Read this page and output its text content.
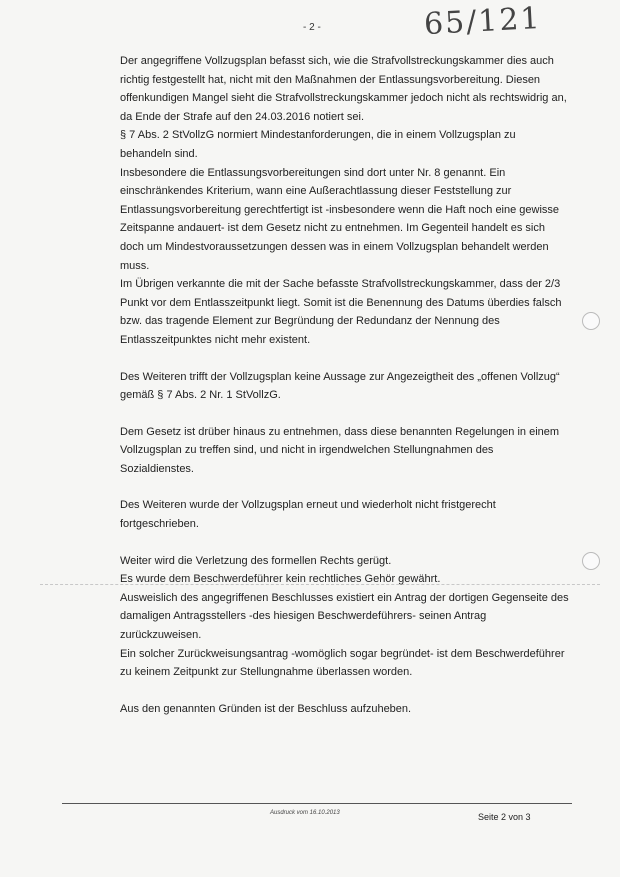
- 2 -	65/121

Der angegriffene Vollzugsplan befasst sich, wie die Strafvollstreckungskammer dies auch richtig festgestellt hat, nicht mit den Maßnahmen der Entlassungsvorbereitung. Diesen offenkundigen Mangel sieht die Strafvollstreckungskammer jedoch nicht als rechtswidrig an, da Ende der Strafe auf den 24.03.2016 notiert sei.

§ 7 Abs. 2 StVollzG normiert Mindestanforderungen, die in einem Vollzugsplan zu behandeln sind.

Insbesondere die Entlassungsvorbereitungen sind dort unter Nr. 8 genannt. Ein einschränkendes Kriterium, wann eine Außerachtlassung dieser Feststellung zur Entlassungsvorbereitung gerechtfertigt ist -insbesondere wenn die Haft noch eine gewisse Zeitspanne andauert- ist dem Gesetz nicht zu entnehmen. Im Gegenteil handelt es sich doch um Mindestvoraussetzungen dessen was in einem Vollzugsplan behandelt werden muss.

Im Übrigen verkannte die mit der Sache befasste Strafvollstreckungskammer, dass der 2/3 Punkt vor dem Entlasszeitpunkt liegt. Somit ist die Benennung des Datums überdies falsch bzw. das tragende Element zur Begründung der Redundanz der Nennung des Entlasszeitpunktes nicht mehr existent.

Des Weiteren trifft der Vollzugsplan keine Aussage zur Angezeigtheit des „offenen Vollzug“ gemäß § 7 Abs. 2 Nr. 1 StVollzG.

Dem Gesetz ist drüber hinaus zu entnehmen, dass diese benannten Regelungen in einem Vollzugsplan zu treffen sind, und nicht in irgendwelchen Stellungnahmen des Sozialdienstes.

Des Weiteren wurde der Vollzugsplan erneut und wiederholt nicht fristgerecht fortgeschrieben.

Weiter wird die Verletzung des formellen Rechts gerügt.

Es wurde dem Beschwerdeführer kein rechtliches Gehör gewährt.

Ausweislich des angegriffenen Beschlusses existiert ein Antrag der dortigen Gegenseite des damaligen Antragsstellers -des hiesigen Beschwerdeführers- seinen Antrag zurückzuweisen.

Ein solcher Zurückweisungsantrag -womöglich sogar begründet- ist dem Beschwerdeführer zu keinem Zeitpunkt zur Stellungnahme überlassen worden.

Aus den genannten Gründen ist der Beschluss aufzuheben.

Ausdruck vom 16.10.2013	Seite 2 von 3
